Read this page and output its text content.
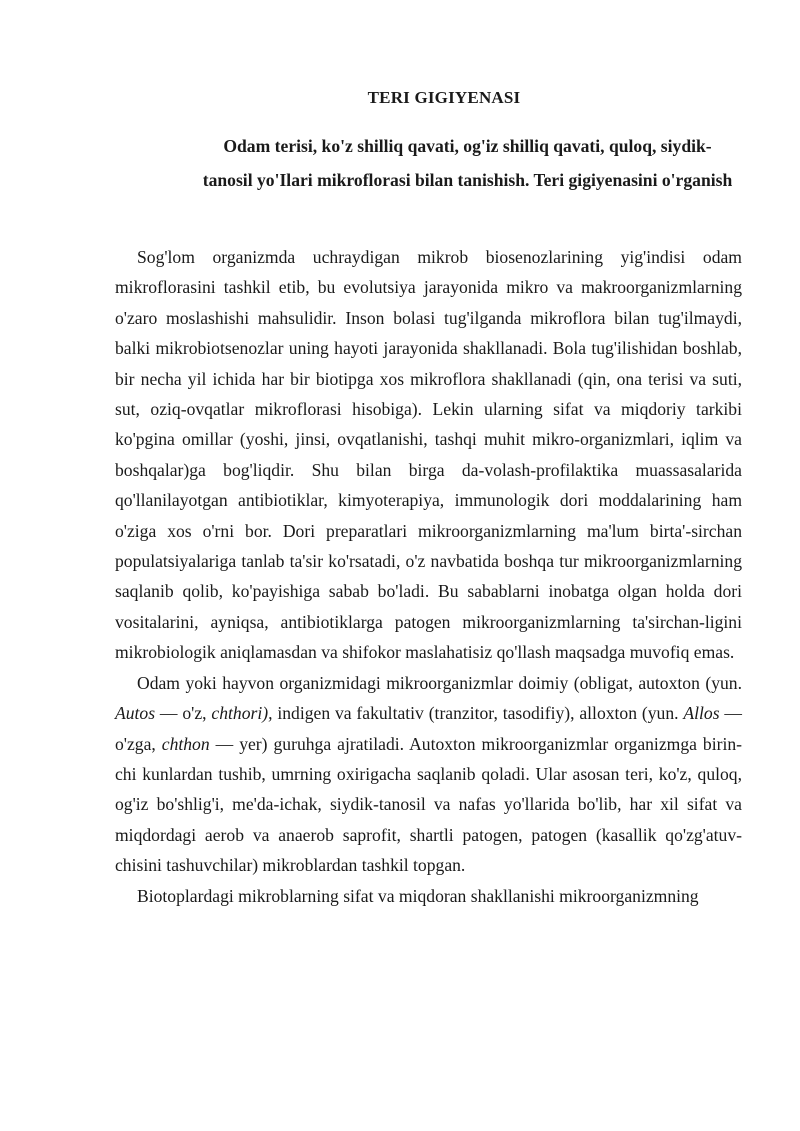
TERI GIGIYENASI
Odam terisi, ko'z shilliq qavati, og'iz shilliq qavati, quloq, siydik-tanosil yo'Ilari mikroflorasi bilan tanishish. Teri gigiyenasini o'rganish

Sog'lom organizmda uchraydigan mikrob biosenozlarining yig'indisi odam mikroflorasini tashkil etib, bu evolutsiya jarayonida mikro va makroorganizmlarning o'zaro moslashishi mahsulidir. Inson bolasi tug'ilganda mikroflora bilan tug'ilmaydi, balki mikrobiotsenozlar uning hayoti jarayonida shakllanadi. Bola tug'ilishidan boshlab, bir necha yil ichida har bir biotipga xos mikroflora shakllanadi (qin, ona terisi va suti, sut, oziq-ovqatlar mikroflorasi hisobiga). Lekin ularning sifat va miqdoriy tarkibi ko'pgina omillar (yoshi, jinsi, ovqatlanishi, tashqi muhit mikro-organizmlari, iqlim va boshqalar)ga bog'liqdir. Shu bilan birga da-volash-profilaktika muassasalarida qo'llanilayotgan antibiotiklar, kimyoterapiya, immunologik dori moddalarining ham o'ziga xos o'rni bor. Dori preparatlari mikroorganizmlarning ma'lum birta'-sirchan populatsiyalariga tanlab ta'sir ko'rsatadi, o'z navbatida boshqa tur mikroorganizmlarning saqlanib qolib, ko'payishiga sabab bo'ladi. Bu sabablarni inobatga olgan holda dori vositalarini, ayniqsa, antibiotiklarga patogen mikroorganizmlarning ta'sirchan-ligini mikrobiologik aniqlamasdan va shifokor maslahatisiz qo'llash maqsadga muvofiq emas.

Odam yoki hayvon organizmidagi mikroorganizmlar doimiy (obligat, autoxton (yun. Autos — o'z, chthori), indigen va fakultativ (tranzitor, tasodifiy), alloxton (yun. Allos — o'zga, chthon — yer) guruhga ajratiladi. Autoxton mikroorganizmlar organizmga birin-chi kunlardan tushib, umrning oxirigacha saqlanib qoladi. Ular asosan teri, ko'z, quloq, og'iz bo'shlig'i, me'da-ichak, siydik-tanosil va nafas yo'llarida bo'lib, har xil sifat va miqdordagi aerob va anaerob saprofit, shartli patogen, patogen (kasallik qo'zg'atuv-chisini tashuvchilar) mikroblardan tashkil topgan.

Biotoplardagi mikroblarning sifat va miqdoran shakllanishi mikroorganizmning
